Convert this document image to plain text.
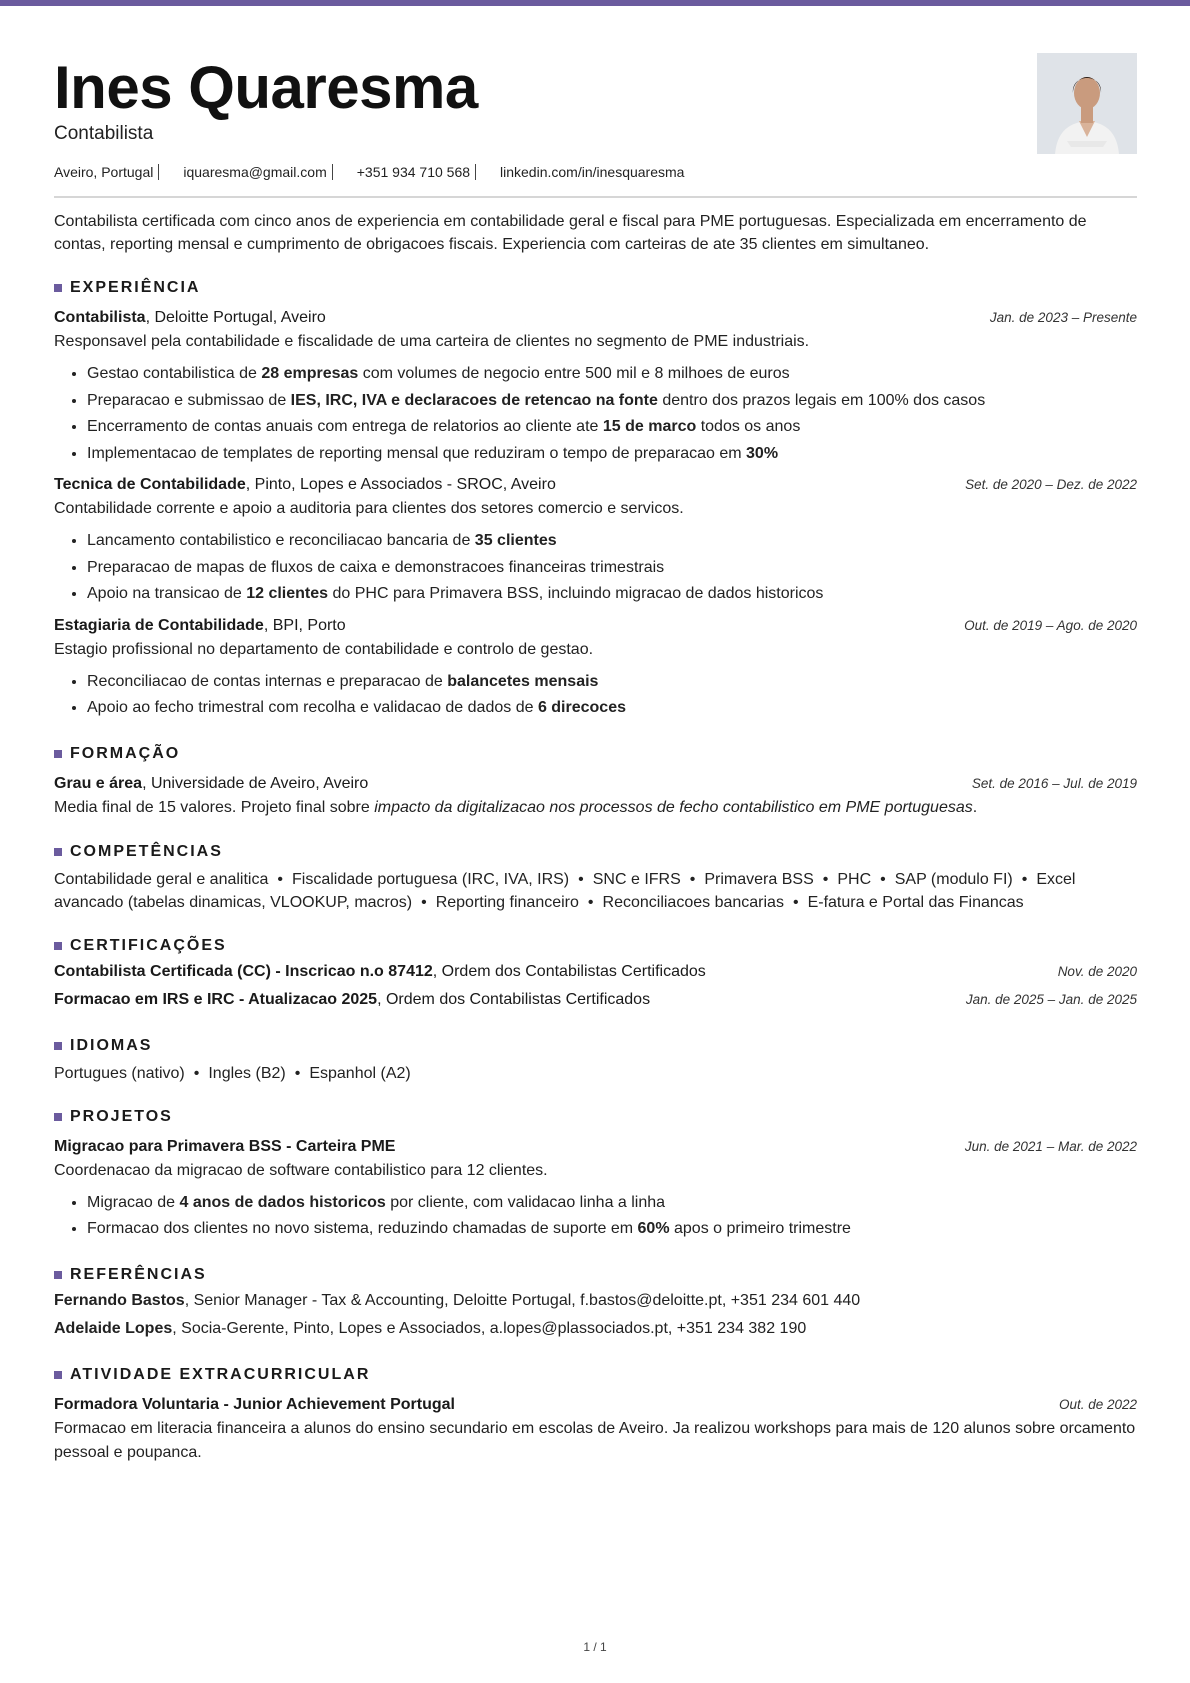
Ines Quaresma
Contabilista
Aveiro, Portugal iquaresma@gmail.com +351 934 710 568 linkedin.com/in/inesquaresma
Contabilista certificada com cinco anos de experiencia em contabilidade geral e fiscal para PME portuguesas. Especializada em encerramento de contas, reporting mensal e cumprimento de obrigacoes fiscais. Experiencia com carteiras de ate 35 clientes em simultaneo.
EXPERIÊNCIA
Contabilista, Deloitte Portugal, Aveiro	Jan. de 2023 – Presente
Responsavel pela contabilidade e fiscalidade de uma carteira de clientes no segmento de PME industriais.
• Gestao contabilistica de 28 empresas com volumes de negocio entre 500 mil e 8 milhoes de euros
• Preparacao e submissao de IES, IRC, IVA e declaracoes de retencao na fonte dentro dos prazos legais em 100% dos casos
• Encerramento de contas anuais com entrega de relatorios ao cliente ate 15 de marco todos os anos
• Implementacao de templates de reporting mensal que reduziram o tempo de preparacao em 30%
Tecnica de Contabilidade, Pinto, Lopes e Associados - SROC, Aveiro	Set. de 2020 – Dez. de 2022
Contabilidade corrente e apoio a auditoria para clientes dos setores comercio e servicos.
• Lancamento contabilistico e reconciliacao bancaria de 35 clientes
• Preparacao de mapas de fluxos de caixa e demonstracoes financeiras trimestrais
• Apoio na transicao de 12 clientes do PHC para Primavera BSS, incluindo migracao de dados historicos
Estagiaria de Contabilidade, BPI, Porto	Out. de 2019 – Ago. de 2020
Estagio profissional no departamento de contabilidade e controlo de gestao.
• Reconciliacao de contas internas e preparacao de balancetes mensais
• Apoio ao fecho trimestral com recolha e validacao de dados de 6 direcoces
FORMAÇÃO
Grau e área, Universidade de Aveiro, Aveiro	Set. de 2016 – Jul. de 2019
Media final de 15 valores. Projeto final sobre impacto da digitalizacao nos processos de fecho contabilistico em PME portuguesas.
COMPETÊNCIAS
Contabilidade geral e analitica • Fiscalidade portuguesa (IRC, IVA, IRS) • SNC e IFRS • Primavera BSS • PHC • SAP (modulo FI) • Excel avancado (tabelas dinamicas, VLOOKUP, macros) • Reporting financeiro • Reconciliacoes bancarias • E-fatura e Portal das Financas
CERTIFICAÇÕES
Contabilista Certificada (CC) - Inscricao n.o 87412, Ordem dos Contabilistas Certificados	Nov. de 2020
Formacao em IRS e IRC - Atualizacao 2025, Ordem dos Contabilistas Certificados	Jan. de 2025 – Jan. de 2025
IDIOMAS
Portugues (nativo) • Ingles (B2) • Espanhol (A2)
PROJETOS
Migracao para Primavera BSS - Carteira PME	Jun. de 2021 – Mar. de 2022
Coordenacao da migracao de software contabilistico para 12 clientes.
• Migracao de 4 anos de dados historicos por cliente, com validacao linha a linha
• Formacao dos clientes no novo sistema, reduzindo chamadas de suporte em 60% apos o primeiro trimestre
REFERÊNCIAS
Fernando Bastos, Senior Manager - Tax & Accounting, Deloitte Portugal, f.bastos@deloitte.pt, +351 234 601 440
Adelaide Lopes, Socia-Gerente, Pinto, Lopes e Associados, a.lopes@plassociados.pt, +351 234 382 190
ATIVIDADE EXTRACURRICULAR
Formadora Voluntaria - Junior Achievement Portugal	Out. de 2022
Formacao em literacia financeira a alunos do ensino secundario em escolas de Aveiro. Ja realizou workshops para mais de 120 alunos sobre orcamento pessoal e poupanca.
1 / 1
